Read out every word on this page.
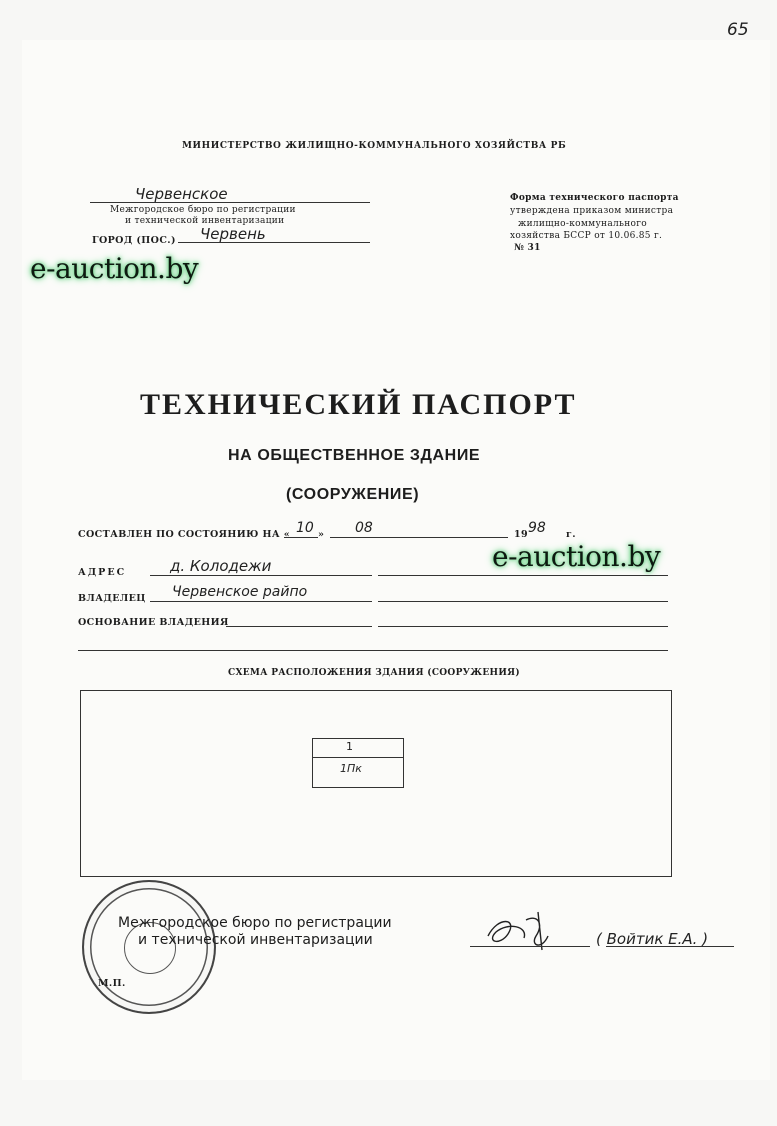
65
МИНИСТЕРСТВО ЖИЛИЩНО-КОММУНАЛЬНОГО ХОЗЯЙСТВА РБ
Червенское
Межгородское бюро по регистрации
и технической инвентаризации
ГОРОД (ПОС.) Червень
Форма технического паспорта
утверждена приказом министра
жилищно-коммунального
хозяйства БССР от 10.06.85 г.
№ 31
e-auction.by
ТЕХНИЧЕСКИЙ ПАСПОРТ
НА ОБЩЕСТВЕННОЕ ЗДАНИЕ
(СООРУЖЕНИЕ)
СОСТАВЛЕН ПО СОСТОЯНИЮ НА « 10 » 08	19 98 г.
e-auction.by
АДРЕС	д. Колодежи
ВЛАДЕЛЕЦ Червенское райпо
ОСНОВАНИЕ ВЛАДЕНИЯ
СХЕМА РАСПОЛОЖЕНИЯ ЗДАНИЯ (СООРУЖЕНИЯ)
1
1Пк
Межгородское бюро по регистрации
и технической инвентаризации
М.П.
( Войтик Е.А. )
